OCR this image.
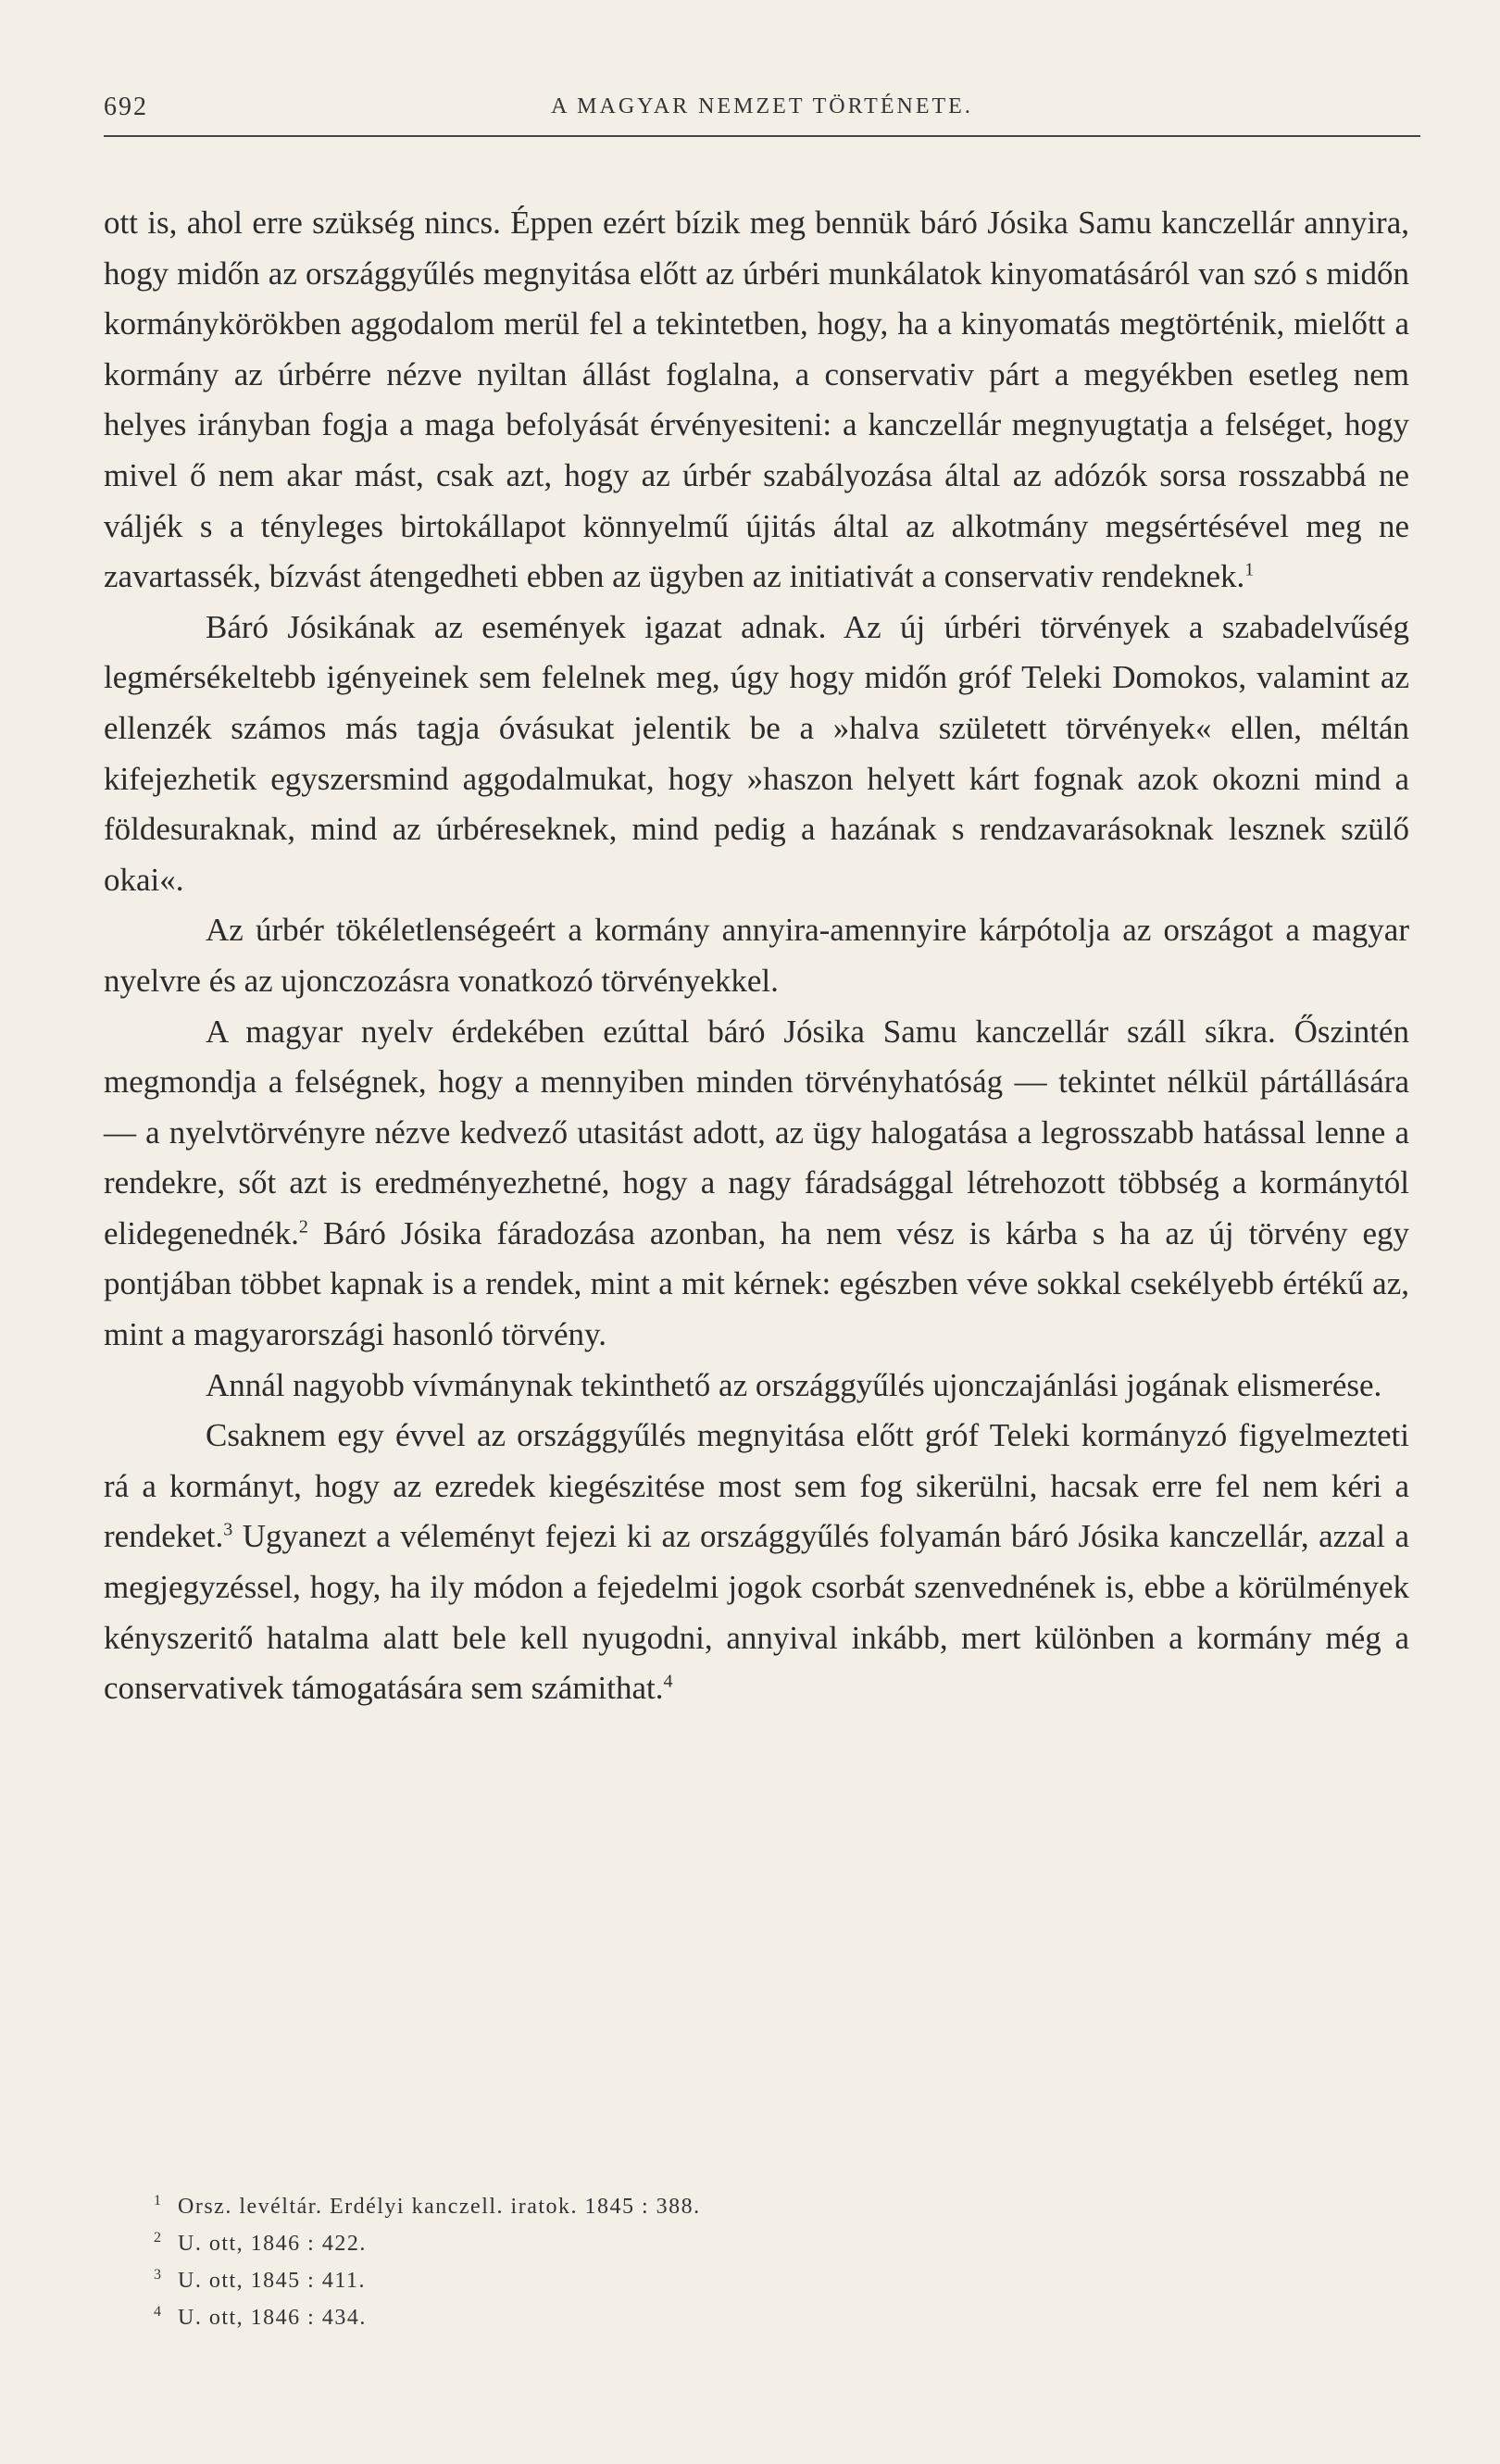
692	A MAGYAR NEMZET TÖRTÉNETE.

ott is, ahol erre szükség nincs. Éppen ezért bízik meg bennük báró Jósika Samu kanczellár annyira, hogy midőn az országgyűlés megnyitása előtt az úrbéri munkálatok kinyomatásáról van szó s midőn kormánykörökben aggodalom merül fel a tekintetben, hogy, ha a kinyomatás megtörténik, mielőtt a kormány az úrbérre nézve nyiltan állást foglalna, a conservativ párt a megyékben esetleg nem helyes irányban fogja a maga befolyását érvényesiteni: a kanczellár megnyugtatja a felséget, hogy mivel ő nem akar mást, csak azt, hogy az úrbér szabályozása által az adózók sorsa rosszabbá ne váljék s a tényleges birtokállapot könnyelmű újitás által az alkotmány megsértésével meg ne zavartassék, bízvást átengedheti ebben az ügyben az initiativát a conservativ rendeknek.$^1$

Báró Jósikának az események igazat adnak. Az új úrbéri törvények a szabadelvűség legmérsékeltebb igényeinek sem felelnek meg, úgy hogy midőn gróf Teleki Domokos, valamint az ellenzék számos más tagja óvásukat jelentik be a »halva született törvények« ellen, méltán kifejezhetik egyszersmind aggodalmukat, hogy »haszon helyett kárt fognak azok okozni mind a földesuraknak, mind az úrbéreseknek, mind pedig a hazának s rendzavarásoknak lesznek szülő okai«.

Az úrbér tökéletlenségeért a kormány annyira-amennyire kárpótolja az országot a magyar nyelvre és az ujonczozásra vonatkozó törvényekkel.

A magyar nyelv érdekében ezúttal báró Jósika Samu kanczellár száll síkra. Őszintén megmondja a felségnek, hogy a mennyiben minden törvényhatóság — tekintet nélkül pártállására — a nyelvtörvényre nézve kedvező utasitást adott, az ügy halogatása a legrosszabb hatással lenne a rendekre, sőt azt is eredményezhetné, hogy a nagy fáradsággal létrehozott többség a kormánytól elidegenednék.$^2$ Báró Jósika fáradozása azonban, ha nem vész is kárba s ha az új törvény egy pontjában többet kapnak is a rendek, mint a mit kérnek: egészben véve sokkal csekélyebb értékű az, mint a magyarországi hasonló törvény.

Annál nagyobb vívmánynak tekinthető az országgyűlés ujonczajánlási jogának elismerése.

Csaknem egy évvel az országgyűlés megnyitása előtt gróf Teleki kormányzó figyelmezteti rá a kormányt, hogy az ezredek kiegészitése most sem fog sikerülni, hacsak erre fel nem kéri a rendeket.$^3$ Ugyanezt a véleményt fejezi ki az országgyűlés folyamán báró Jósika kanczellár, azzal a megjegyzéssel, hogy, ha ily módon a fejedelmi jogok csorbát szenvednének is, ebbe a körülmények kényszeritő hatalma alatt bele kell nyugodni, annyival inkább, mert különben a kormány még a conservativek támogatására sem számithat.$^4$

1 Orsz. levéltár. Erdélyi kanczell. iratok. 1845 : 388.
2 U. ott, 1846 : 422.
3 U. ott, 1845 : 411.
4 U. ott, 1846 : 434.
